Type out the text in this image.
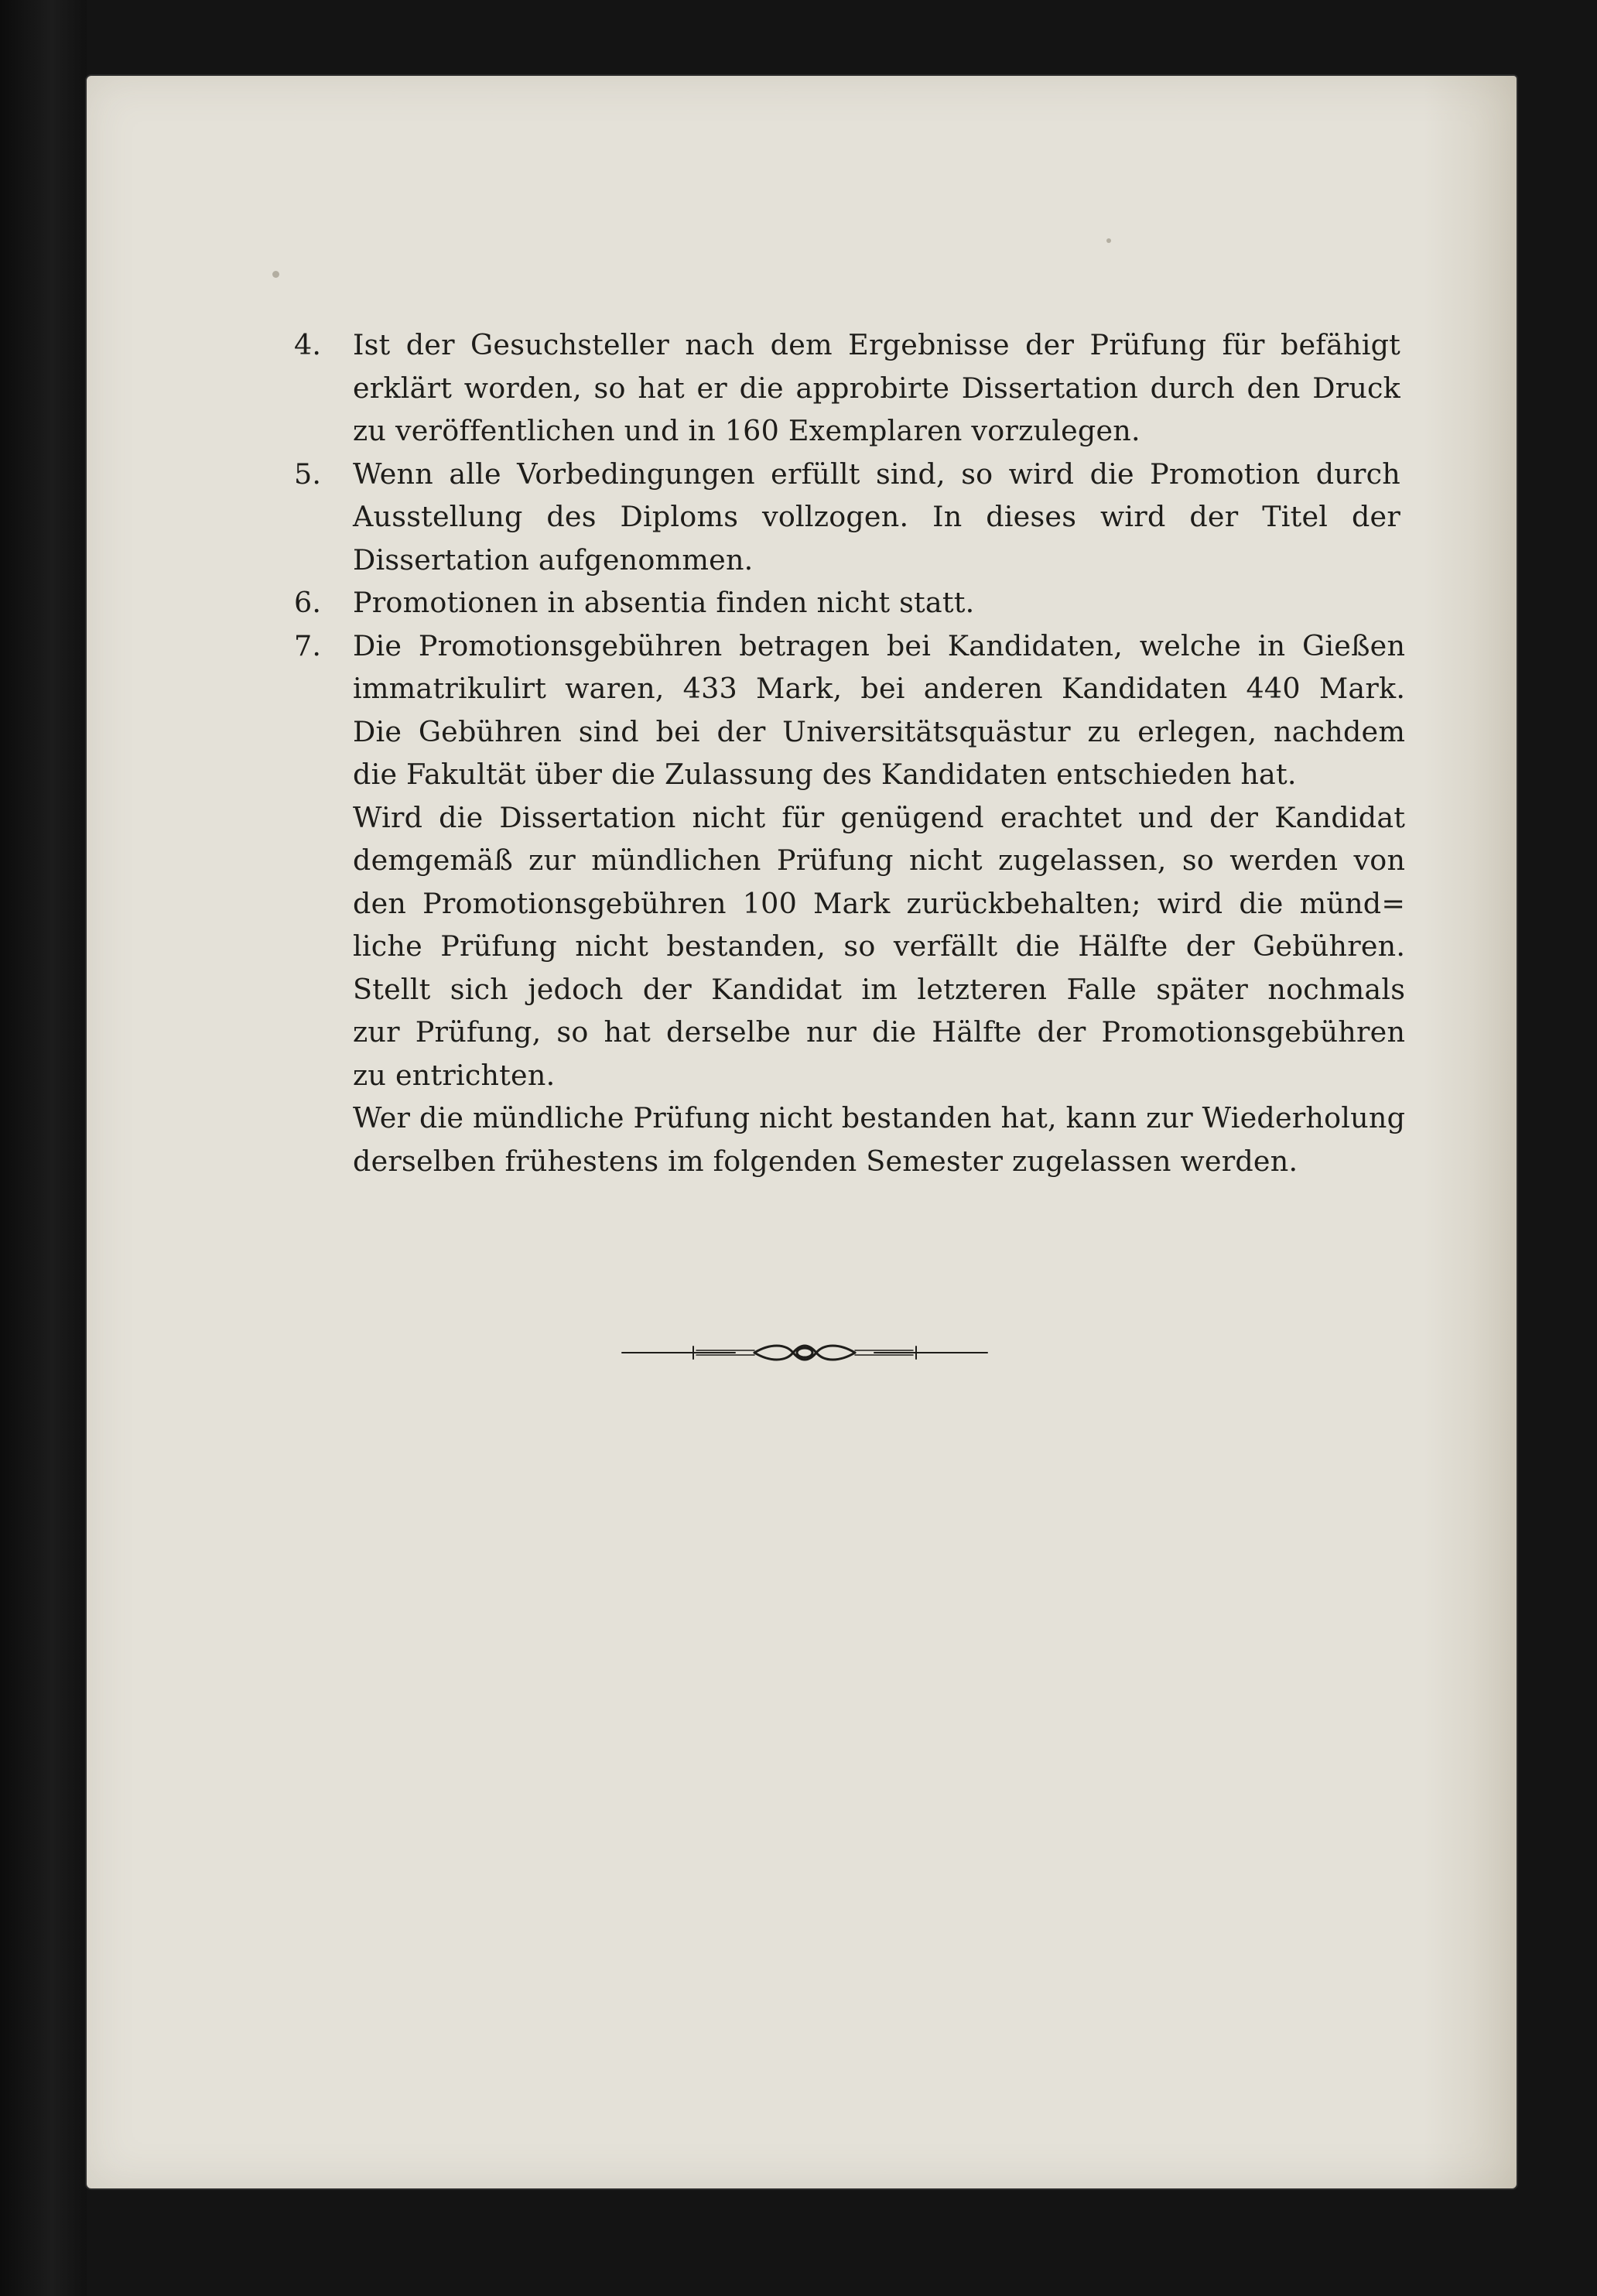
4.	Ist der Gesuchsteller nach dem Ergebnisse der Prüfung für befähigt
erklärt worden, so hat er die approbirte Dissertation durch den Druck
zu veröffentlichen und in 160 Exemplaren vorzulegen.
5.	Wenn alle Vorbedingungen erfüllt sind, so wird die Promotion durch
Ausstellung des Diploms vollzogen. In dieses wird der Titel der
Dissertation aufgenommen.
6.	Promotionen in absentia finden nicht statt.
7.	Die Promotionsgebühren betragen bei Kandidaten, welche in Gießen
immatrikulirt waren, 433 Mark, bei anderen Kandidaten 440 Mark.
Die Gebühren sind bei der Universitätsquästur zu erlegen, nachdem
die Fakultät über die Zulassung des Kandidaten entschieden hat.
Wird die Dissertation nicht für genügend erachtet und der Kandidat
demgemäß zur mündlichen Prüfung nicht zugelassen, so werden von
den Promotionsgebühren 100 Mark zurückbehalten; wird die münd=
liche Prüfung nicht bestanden, so verfällt die Hälfte der Gebühren.
Stellt sich jedoch der Kandidat im letzteren Falle später nochmals
zur Prüfung, so hat derselbe nur die Hälfte der Promotionsgebühren
zu entrichten.
Wer die mündliche Prüfung nicht bestanden hat, kann zur Wiederholung
derselben frühestens im folgenden Semester zugelassen werden.
